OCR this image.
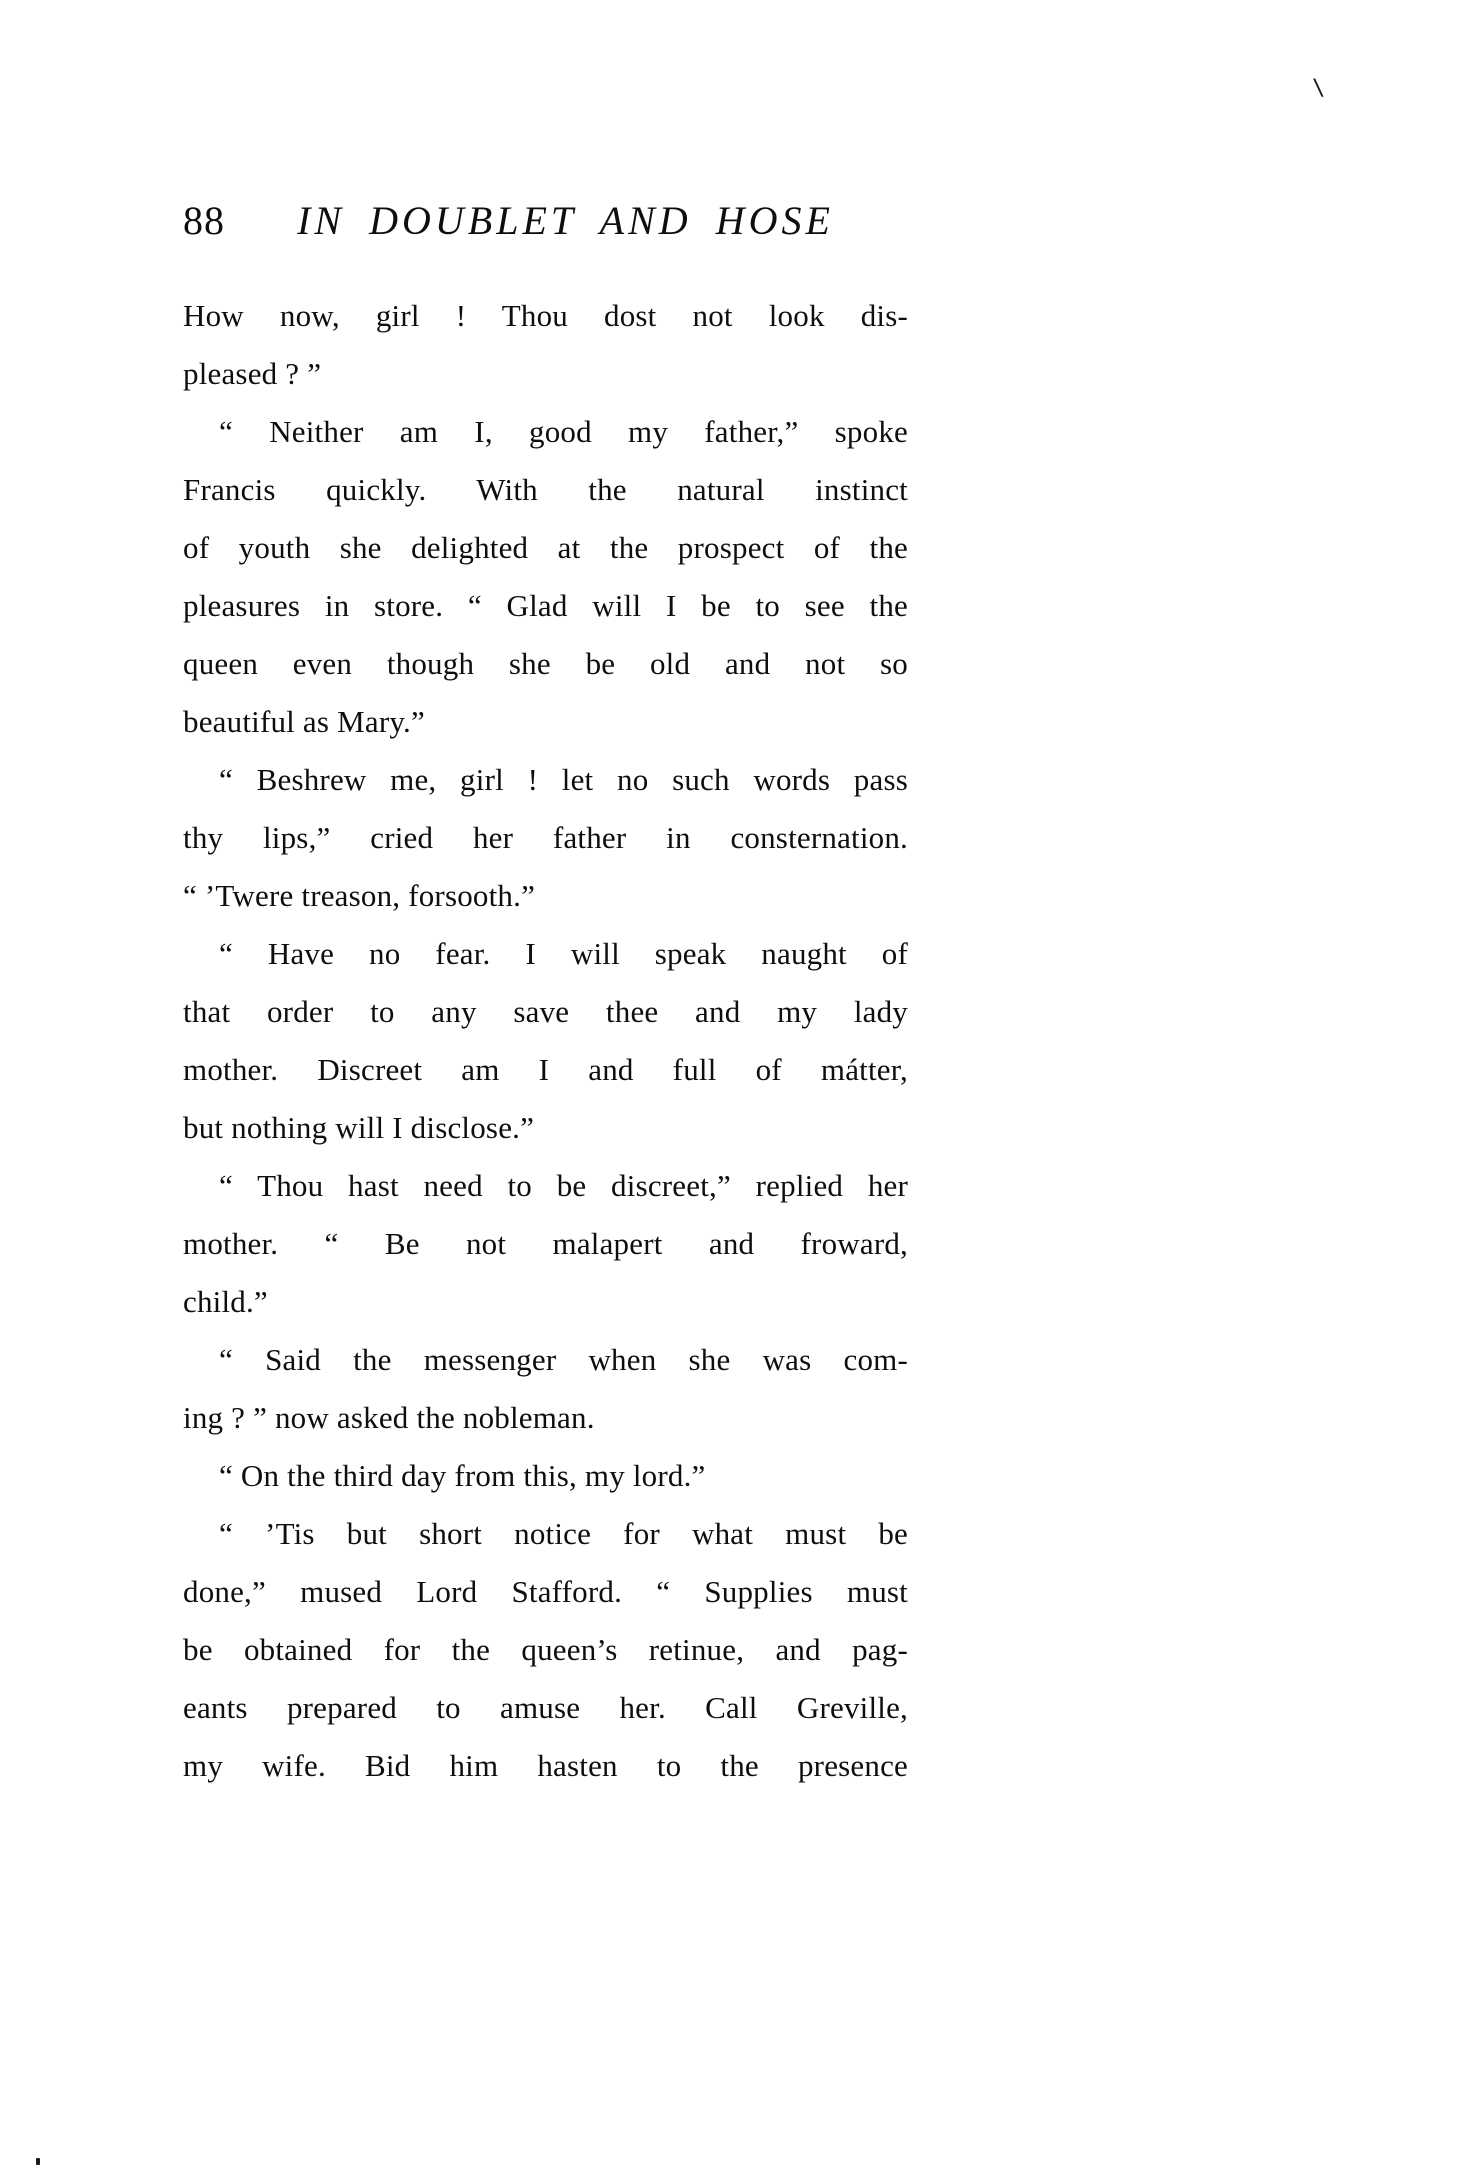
88	IN DOUBLET AND HOSE
How now, girl ! Thou dost not look dis-
pleased ? ”
“ Neither am I, good my father,” spoke
Francis quickly. With the natural instinct
of youth she delighted at the prospect of the
pleasures in store. “ Glad will I be to see the
queen even though she be old and not so
beautiful as Mary.”
“ Beshrew me, girl ! let no such words pass
thy lips,” cried her father in consternation.
“ ’Twere treason, forsooth.”
“ Have no fear. I will speak naught of
that order to any save thee and my lady
mother. Discreet am I and full of mátter,
but nothing will I disclose.”
“ Thou hast need to be discreet,” replied her
mother. “ Be not malapert and froward,
child.”
“ Said the messenger when she was com-
ing ? ” now asked the nobleman.
“ On the third day from this, my lord.”
“ ’Tis but short notice for what must be
done,” mused Lord Stafford. “ Supplies must
be obtained for the queen’s retinue, and pag-
eants prepared to amuse her. Call Greville,
my wife. Bid him hasten to the presence
\
